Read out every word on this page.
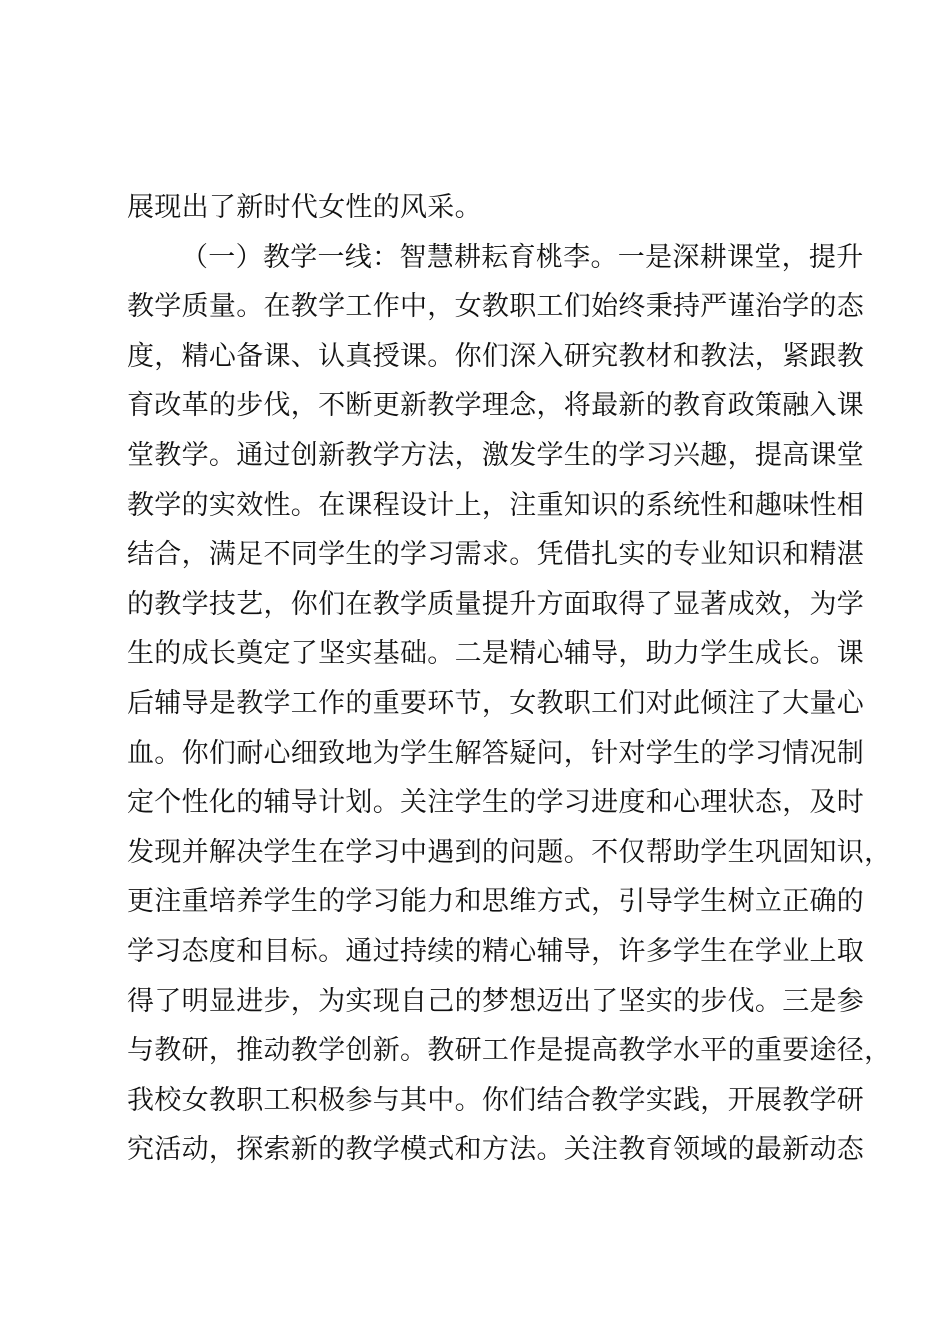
展现出了新时代女性的风采。
（一）教学一线：智慧耕耘育桃李。一是深耕课堂，提升
教学质量。在教学工作中，女教职工们始终秉持严谨治学的态
度，精心备课、认真授课。你们深入研究教材和教法，紧跟教
育改革的步伐，不断更新教学理念，将最新的教育政策融入课
堂教学。通过创新教学方法，激发学生的学习兴趣，提高课堂
教学的实效性。在课程设计上，注重知识的系统性和趣味性相
结合，满足不同学生的学习需求。凭借扎实的专业知识和精湛
的教学技艺，你们在教学质量提升方面取得了显著成效，为学
生的成长奠定了坚实基础。二是精心辅导，助力学生成长。课
后辅导是教学工作的重要环节，女教职工们对此倾注了大量心
血。你们耐心细致地为学生解答疑问，针对学生的学习情况制
定个性化的辅导计划。关注学生的学习进度和心理状态，及时
发现并解决学生在学习中遇到的问题。不仅帮助学生巩固知识，
更注重培养学生的学习能力和思维方式，引导学生树立正确的
学习态度和目标。通过持续的精心辅导，许多学生在学业上取
得了明显进步，为实现自己的梦想迈出了坚实的步伐。三是参
与教研，推动教学创新。教研工作是提高教学水平的重要途径，
我校女教职工积极参与其中。你们结合教学实践，开展教学研
究活动，探索新的教学模式和方法。关注教育领域的最新动态
